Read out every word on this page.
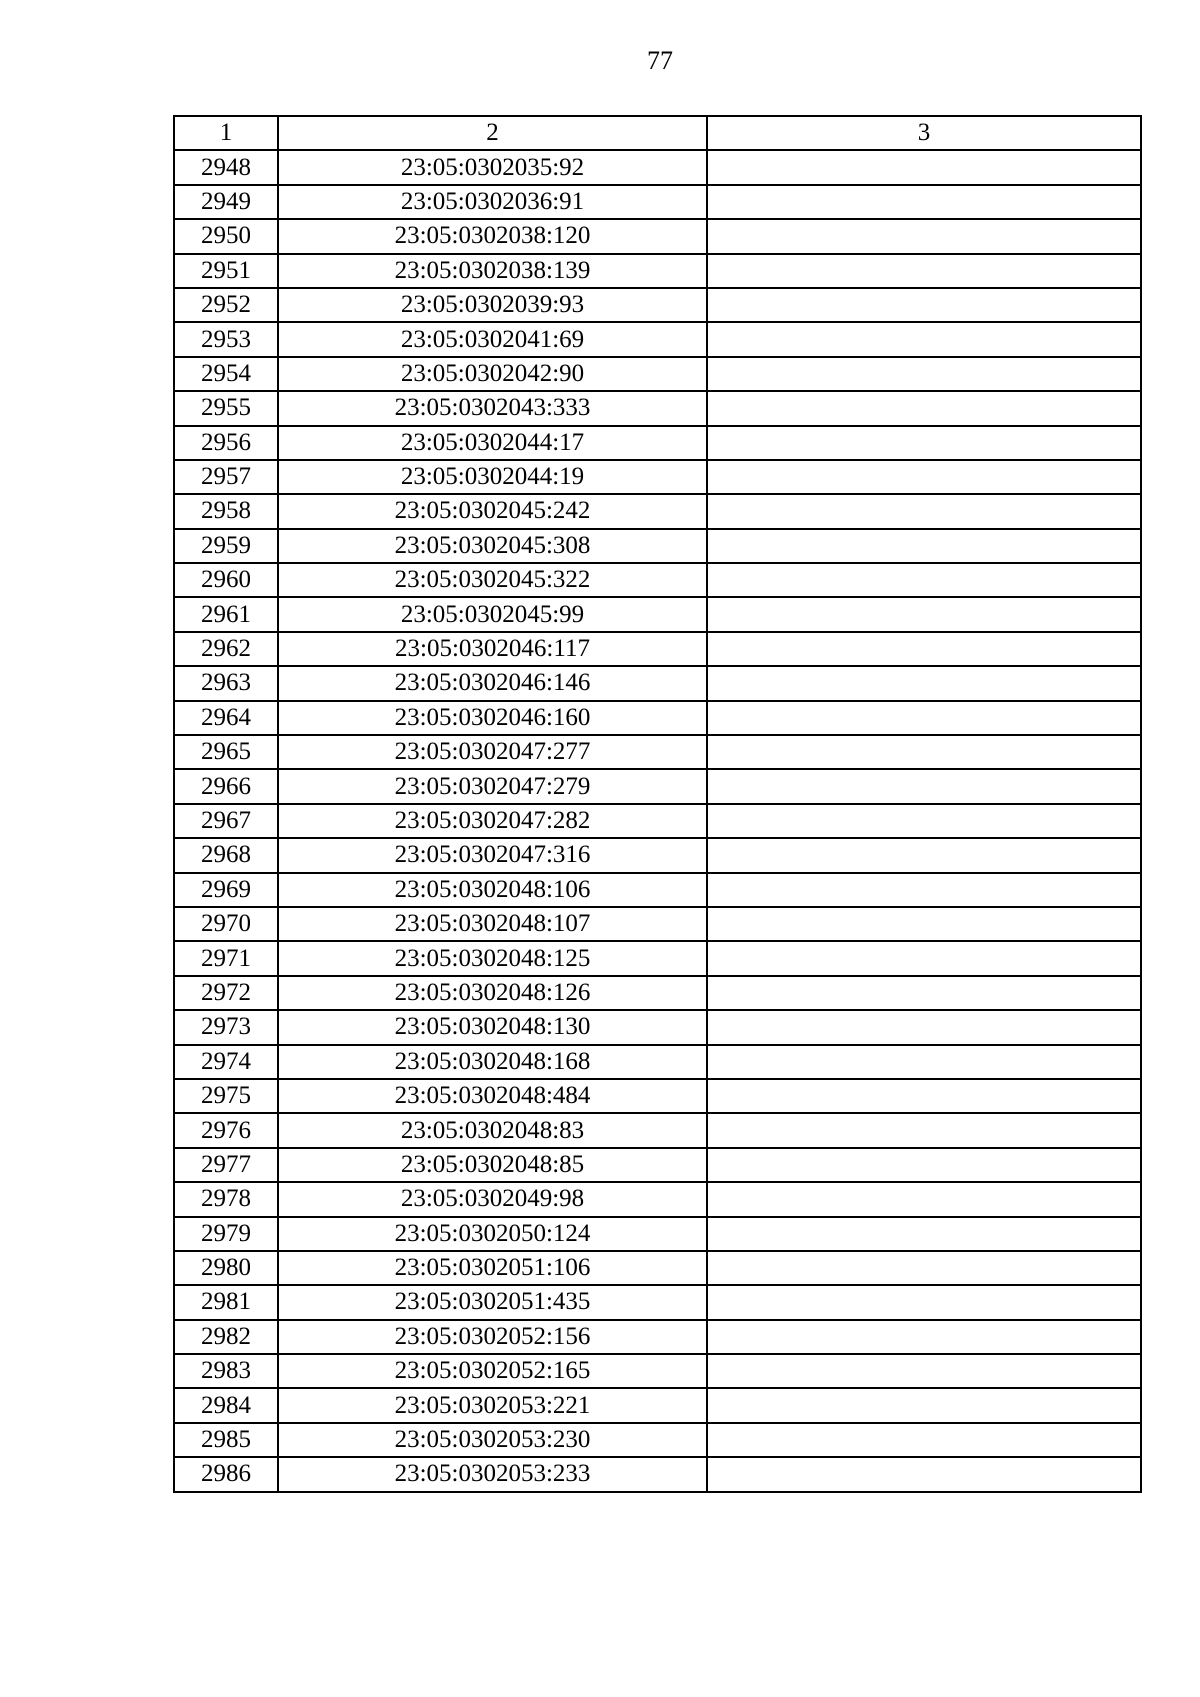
77
1	2	3
2948	23:05:0302035:92	
2949	23:05:0302036:91	
2950	23:05:0302038:120	
2951	23:05:0302038:139	
2952	23:05:0302039:93	
2953	23:05:0302041:69	
2954	23:05:0302042:90	
2955	23:05:0302043:333	
2956	23:05:0302044:17	
2957	23:05:0302044:19	
2958	23:05:0302045:242	
2959	23:05:0302045:308	
2960	23:05:0302045:322	
2961	23:05:0302045:99	
2962	23:05:0302046:117	
2963	23:05:0302046:146	
2964	23:05:0302046:160	
2965	23:05:0302047:277	
2966	23:05:0302047:279	
2967	23:05:0302047:282	
2968	23:05:0302047:316	
2969	23:05:0302048:106	
2970	23:05:0302048:107	
2971	23:05:0302048:125	
2972	23:05:0302048:126	
2973	23:05:0302048:130	
2974	23:05:0302048:168	
2975	23:05:0302048:484	
2976	23:05:0302048:83	
2977	23:05:0302048:85	
2978	23:05:0302049:98	
2979	23:05:0302050:124	
2980	23:05:0302051:106	
2981	23:05:0302051:435	
2982	23:05:0302052:156	
2983	23:05:0302052:165	
2984	23:05:0302053:221	
2985	23:05:0302053:230	
2986	23:05:0302053:233	
